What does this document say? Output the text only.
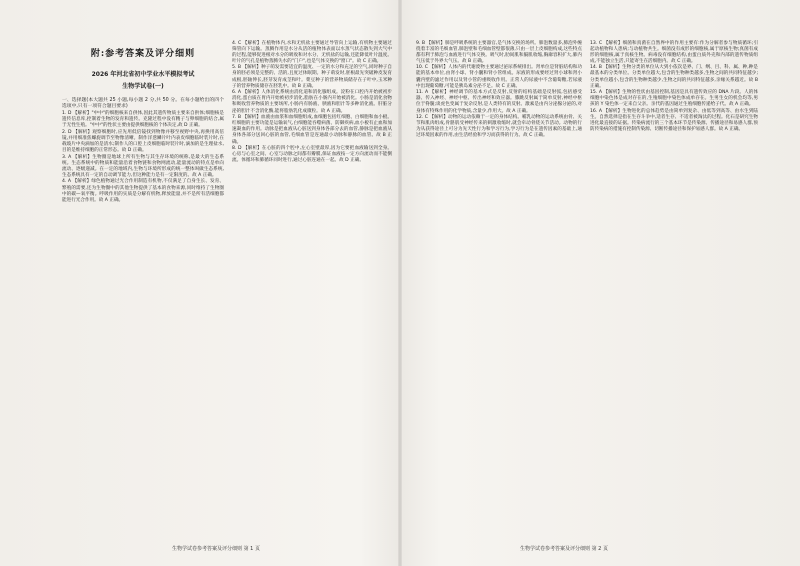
附:参考答案及评分细则
2026 年河北省初中学业水平模拟考试
生物学试卷(一)
一、选择题(本大题共 25 小题,每小题 2 分,共 50 分。在每小题给出的四个选项中,只有一项符合题目要求)

1. D 【解析】"中中"的细胞核来自供体,因此其遗传物质主要来自供体;细胞核是遗传信息库,控制着生物的发育和遗传。克隆过程中没有精子与卵细胞的结合,属于无性生殖。"中中"的性状主要由提供细胞核的个体决定,故 D 正确。

2. D 【解析】观察细胞时,应先用低倍镜找到物像并移至视野中央,再换用高倍镜,并用细准焦螺旋调节至物像清晰。制作洋葱鳞片叶内表皮细胞临时装片时,在载玻片中央滴加的是清水;制作人的口腔上皮细胞临时装片时,滴加的是生理盐水,目的是维持细胞的正常形态。故 D 正确。

3. A 【解析】生物圈是地球上所有生物与其生存环境的统称,是最大的生态系统。生态系统中的物质和能量沿着食物链和食物网流动,能量流动的特点是单向流动、逐级递减。在一定的地域内,生物与环境所形成的统一整体叫做生态系统,生态系统具有一定的自动调节能力,但这种能力是有一定限度的。故 A 正确。

4. A 【解析】绿色植物通过光合作用制造有机物,不仅满足了自身生长、发育、繁殖的需要,还为生物圈中的其他生物提供了基本的食物来源,同时维持了生物圈中的碳—氧平衡。呼吸作用的实质是分解有机物,释放能量,并不是所有活细胞都能进行光合作用。故 A 正确。

4. C 【解析】在植物体内,水和无机盐主要通过导管向上运输,有机物主要通过筛管向下运输。蒸腾作用是水分从活的植物体表面以水蒸气状态散失到大气中的过程,能够促进根对水分的吸收和对水分、无机盐的运输,还能降低叶片温度。叶片的气孔是植物蒸腾失水的"门户",也是气体交换的"窗口"。故 C 正确。

5. B 【解析】种子萌发需要适宜的温度、一定的水分和充足的空气,同时种子自身的胚必须是完整的、活的,且度过休眠期。种子萌发时,胚根最先突破种皮发育成根,胚轴伸长,胚芽发育成茎和叶。菜豆种子的营养物质储存在子叶中,玉米种子的营养物质储存在胚乳中。故 B 正确。

6. A 【解析】人体消化系统由消化道和消化腺组成。淀粉在口腔内开始被初步消化,蛋白质在胃内开始被初步消化,脂肪在小肠内开始被消化。小肠是消化食物和吸收营养物质的主要场所,小肠内有肠液、胰液和胆汁等多种消化液。肝脏分泌的胆汁不含消化酶,能将脂肪乳化成微粒。故 A 正确。

7. B 【解析】血液由血浆和血细胞组成,血细胞包括红细胞、白细胞和血小板。红细胞的主要功能是运输氧气,白细胞能吞噬病菌、防御疾病,血小板有止血和加速凝血的作用。动脉是把血液从心脏送到身体各部分去的血管,静脉是把血液从身体各部分送回心脏的血管,毛细血管是连通最小动脉和静脉的血管。故 B 正确。

8. D 【解析】在心脏的四个腔中,左心室壁最厚,因为它要把血液输送到全身。心房与心室之间、心室与动脉之间都有瓣膜,保证血液按一定方向流动而不能倒流。体循环和肺循环同时进行,通过心脏连通在一起。故 D 正确。

生物学试卷参考答案及评分细则 第 1 页

9. B 【解析】肺是呼吸系统的主要器官,是气体交换的场所。肺泡数量多,肺泡外缠绕着丰富的毛细血管,肺泡壁和毛细血管壁都很薄,只由一层上皮细胞构成,这些特点都有利于肺泡与血液进行气体交换。吸气时,肋间肌和膈肌收缩,胸廓容积扩大,肺内气压低于外界大气压。故 B 正确。

10. C 【解析】人体内的代谢废物主要通过泌尿系统排出。肾单位是肾脏结构和功能的基本单位,由肾小球、肾小囊和肾小管组成。尿液的形成要经过肾小球和肾小囊内壁的滤过作用以及肾小管的重吸收作用。正常人的尿液中不含葡萄糖,若尿液中出现葡萄糖,可能是胰岛素分泌不足。故 C 正确。

11. A 【解析】神经调节的基本方式是反射,反射的结构基础是反射弧,包括感受器、传入神经、神经中枢、传出神经和效应器。膝跳反射属于简单反射,神经中枢位于脊髓;谈虎色变属于复杂反射,是人类特有的反射。激素是由内分泌腺分泌的,对身体有特殊作用的化学物质,含量少,作用大。故 A 正确。

12. C 【解析】动物的运动依赖于一定的身体结构。哺乳动物的运动系统由骨、关节和肌肉组成,骨骼肌受神经传来的刺激收缩时,就会牵动骨绕关节活动。动物的行为从获得途径上可分为先天性行为和学习行为,学习行为是在遗传因素的基础上,通过环境因素的作用,由生活经验和学习而获得的行为。故 C 正确。

13. C 【解析】细菌和真菌在自然界中的作用主要有:作为分解者参与物质循环;引起动植物和人患病;与动植物共生。细菌没有成形的细胞核,属于原核生物;真菌有成形的细胞核,属于真核生物。病毒没有细胞结构,由蛋白质外壳和内部的遗传物质组成,不能独立生活,只能寄生在活细胞内。故 C 正确。

14. B 【解析】生物分类的单位从大到小依次是界、门、纲、目、科、属、种,种是最基本的分类单位。分类单位越大,包含的生物种类越多,生物之间的共同特征越少;分类单位越小,包含的生物种类越少,生物之间的共同特征越多,亲缘关系越近。故 B 正确。

15. A 【解析】生物的性状由基因控制,基因是具有遗传效应的 DNA 片段。人的体细胞中染色体是成对存在的,生殖细胞中染色体成单存在。生男生女的机会均等,男孩的 Y 染色体一定来自父亲。亲代的基因通过生殖细胞传递给子代。故 A 正确。

16. A 【解析】生物进化的总体趋势是由简单到复杂、由低等到高等、由水生到陆生。自然选择是指在生存斗争中,适者生存、不适者被淘汰的过程。化石是研究生物进化最直接的证据。传染病流行的三个基本环节是传染源、传播途径和易感人群,预防传染病的措施有控制传染源、切断传播途径和保护易感人群。故 A 正确。

生物学试卷参考答案及评分细则 第 2 页
